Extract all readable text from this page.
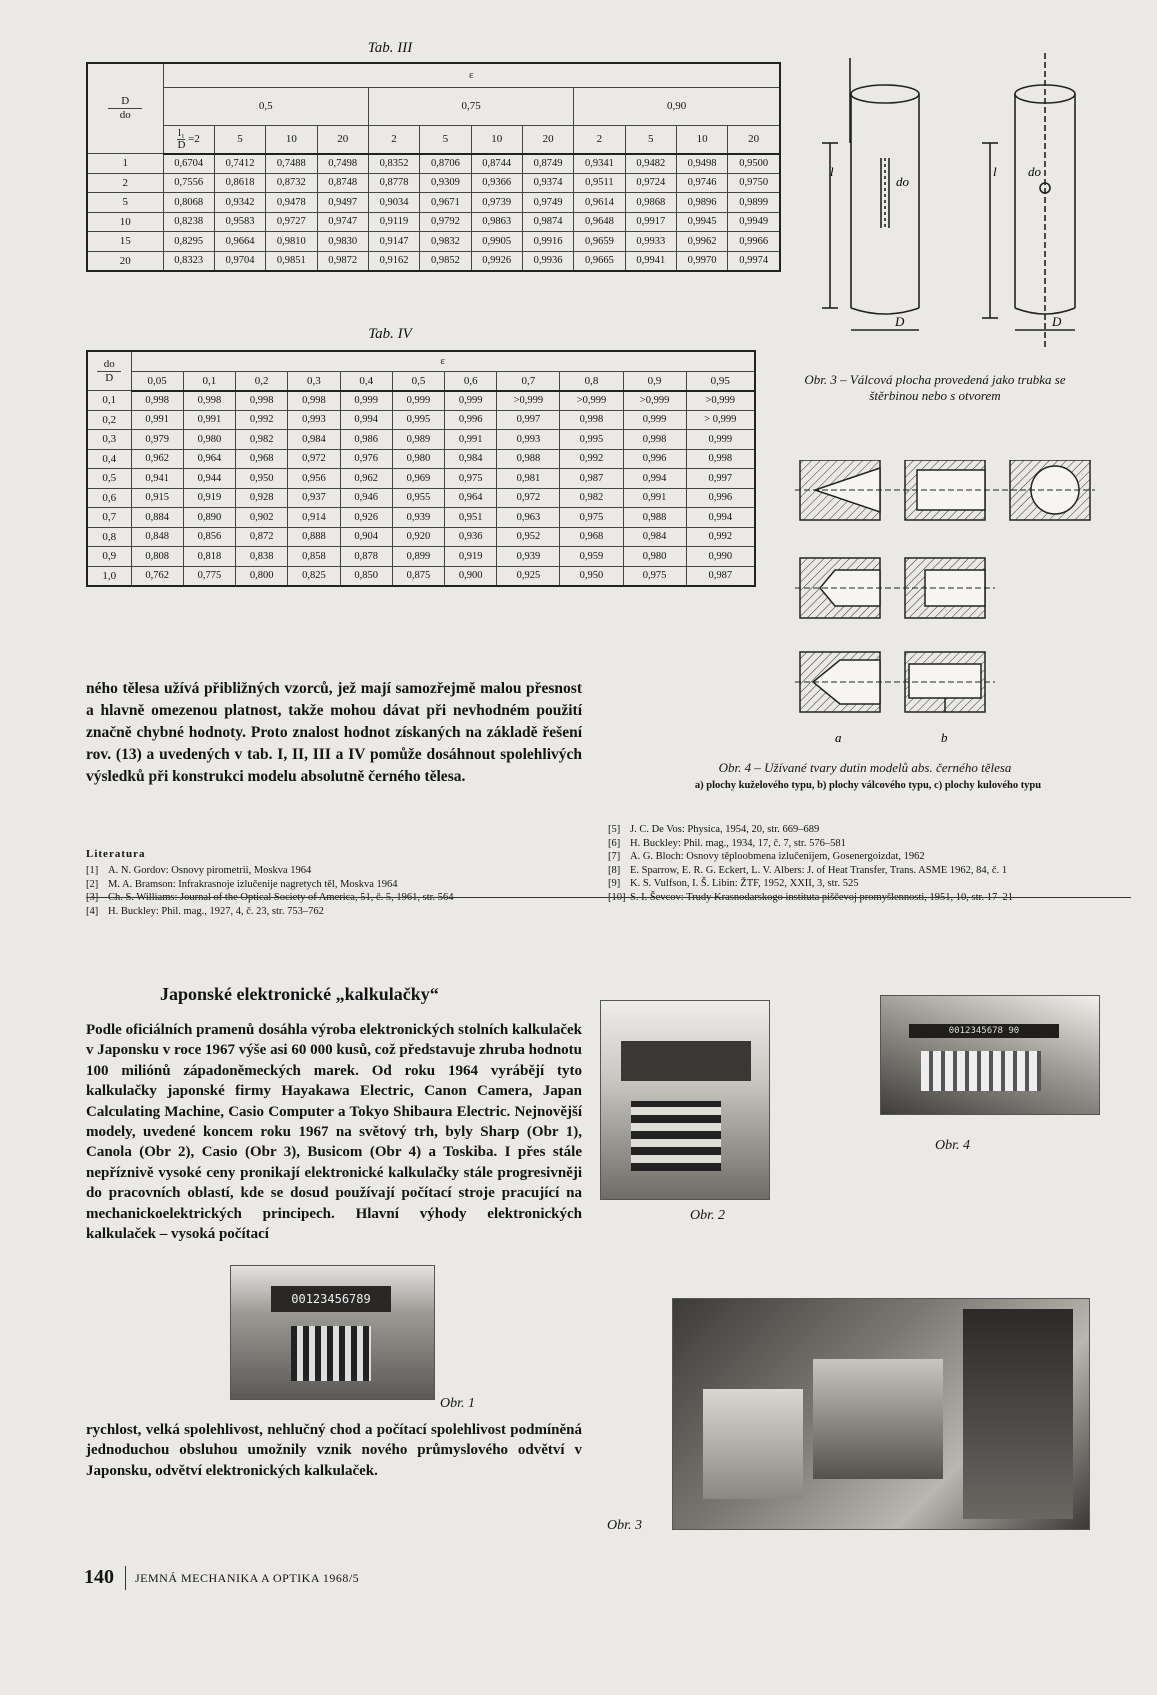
Tab. III
D
do	ε											
	0,5				0,75				0,90			

	$\frac{\text{l₁}}{D} =2$	5	10	20	2	5	10	20	2	5	10	20
1	0,6704	0,7412	0,7488	0,7498	0,8352	0,8706	0,8744	0,8749	0,9341	0,9482	0,9498	0,9500
2	0,7556	0,8618	0,8732	0,8748	0,8778	0,9309	0,9366	0,9374	0,9511	0,9724	0,9746	0,9750
5	0,8068	0,9342	0,9478	0,9497	0,9034	0,9671	0,9739	0,9749	0,9614	0,9868	0,9896	0,9899
10	0,8238	0,9583	0,9727	0,9747	0,9119	0,9792	0,9863	0,9874	0,9648	0,9917	0,9945	0,9949
15	0,8295	0,9664	0,9810	0,9830	0,9147	0,9832	0,9905	0,9916	0,9659	0,9933	0,9962	0,9966
20	0,8323	0,9704	0,9851	0,9872	0,9162	0,9852	0,9926	0,9936	0,9665	0,9941	0,9970	0,9974
Tab. IV
do
D	ε										
	0,05	0,1	0,2	0,3	0,4	0,5	0,6	0,7	0,8	0,9	0,95
0,1	0,998	0,998	0,998	0,998	0,999	0,999	0,999	>0,999	>0,999	>0,999	>0,999
0,2	0,991	0,991	0,992	0,993	0,994	0,995	0,996	0,997	0,998	0,999	> 0,999
0,3	0,979	0,980	0,982	0,984	0,986	0,989	0,991	0,993	0,995	0,998	0,999
0,4	0,962	0,964	0,968	0,972	0,976	0,980	0,984	0,988	0,992	0,996	0,998
0,5	0,941	0,944	0,950	0,956	0,962	0,969	0,975	0,981	0,987	0,994	0,997
0,6	0,915	0,919	0,928	0,937	0,946	0,955	0,964	0,972	0,982	0,991	0,996
0,7	0,884	0,890	0,902	0,914	0,926	0,939	0,951	0,963	0,975	0,988	0,994
0,8	0,848	0,856	0,872	0,888	0,904	0,920	0,936	0,952	0,968	0,984	0,992
0,9	0,808	0,818	0,838	0,858	0,878	0,899	0,919	0,939	0,959	0,980	0,990
1,0	0,762	0,775	0,800	0,825	0,850	0,875	0,900	0,925	0,950	0,975	0,987
do
do
l	l
D	D
Obr. 3 – Válcová plocha provedená jako trubka se štěrbinou nebo s otvorem
a	b
Obr. 4 – Užívané tvary dutin modelů abs. černého tělesa
a) plochy kuželového typu, b) plochy válcového typu, c) plochy kulového typu
ného tělesa užívá přibližných vzorců, jež mají samozřejmě malou přesnost a hlavně omezenou platnost, takže mohou dávat při nevhodném použití značně chybné hodnoty. Proto znalost hodnot získaných na základě řešení rov. (13) a uvedených v tab. I, II, III a IV pomůže dosáhnout spolehlivých výsledků při konstrukci modelu absolutně černého tělesa.
Literatura
[1] A. N. Gordov: Osnovy pirometrii, Moskva 1964
[2] M. A. Bramson: Infrakrasnoje izlučenije nagretych těl, Moskva 1964
[3] Ch. S. Williams: Journal of the Optical Society of America, 51, č. 5, 1961, str. 564
[4] H. Buckley: Phil. mag., 1927, 4, č. 23, str. 753–762
[5] J. C. De Vos: Physica, 1954, 20, str. 669–689
[6] H. Buckley: Phil. mag., 1934, 17, č. 7, str. 576–581
[7] A. G. Bloch: Osnovy těploobmena izlučenijem, Gosenergoizdat, 1962
[8] E. Sparrow, E. R. G. Eckert, L. V. Albers: J. of Heat Transfer, Trans. ASME 1962, 84, č. 1
[9] K. S. Vulfson, I. Š. Libin: ŽTF, 1952, XXII, 3, str. 525
[10] S. I. Ševcov: Trudy Krasnodarskogo instituta piščevoj promyšlennosti, 1951, 10, str. 17–21
Japonské elektronické „kalkulačky“
Podle oficiálních pramenů dosáhla výroba elektronických stolních kalkulaček v Japonsku v roce 1967 výše asi 60 000 kusů, což představuje zhruba hodnotu 100 miliónů západoněmeckých marek. Od roku 1964 vyrábějí tyto kalkulačky japonské firmy Hayakawa Electric, Canon Camera, Japan Calculating Machine, Casio Computer a Tokyo Shibaura Electric. Nejnovější modely, uvedené koncem roku 1967 na světový trh, byly Sharp (Obr 1), Canola (Obr 2), Casio (Obr 3), Busicom (Obr 4) a Toskiba. I přes stále nepříznivě vysoké ceny pronikají elektronické kalkulačky stále progresivněji do pracovních oblastí, kde se dosud používají počítací stroje pracující na mechanickoelektrických principech. Hlavní výhody elektronických kalkulaček – vysoká počítací
00123456789
Obr. 1
rychlost, velká spolehlivost, nehlučný chod a počítací spolehlivost podmíněná jednoduchou obsluhou umožnily vznik nového průmyslového odvětví v Japonsku, odvětví elektronických kalkulaček.
Obr. 2
0012345678 90
Obr. 4
Obr. 3
140 JEMNÁ MECHANIKA A OPTIKA 1968/5
